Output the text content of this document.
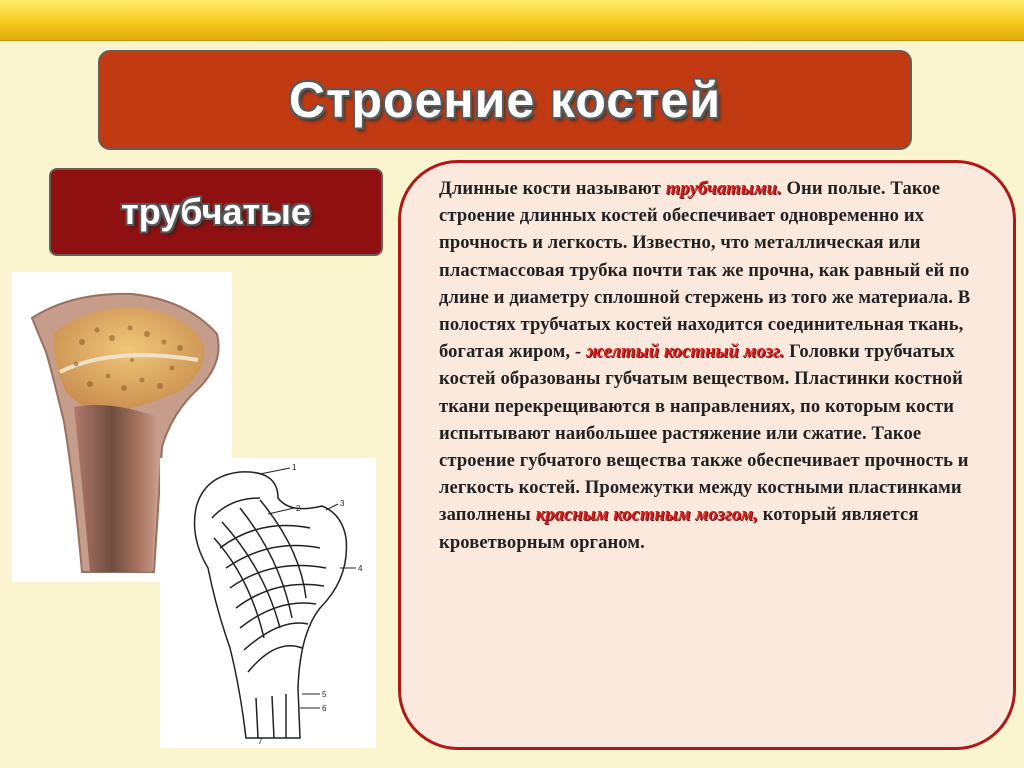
Строение костей
трубчатые
1
2
3
4
5
6
7

Длинные кости называют трубчатыми. Они полые. Такое строение длинных костей обеспечивает одновременно их прочность и легкость. Известно, что металлическая или пластмассовая трубка почти так же прочна, как равный ей по длине и диаметру сплошной стержень из того же материала. В полостях трубчатых костей находится соединительная ткань, богатая жиром, - желтый костный мозг. Головки трубчатых костей образованы губчатым веществом. Пластинки костной ткани перекрещиваются в направлениях, по которым кости испытывают наибольшее растяжение или сжатие. Такое строение губчатого вещества также обеспечивает прочность и легкость костей. Промежутки между костными пластинками заполнены красным костным мозгом, который является кроветворным органом.
